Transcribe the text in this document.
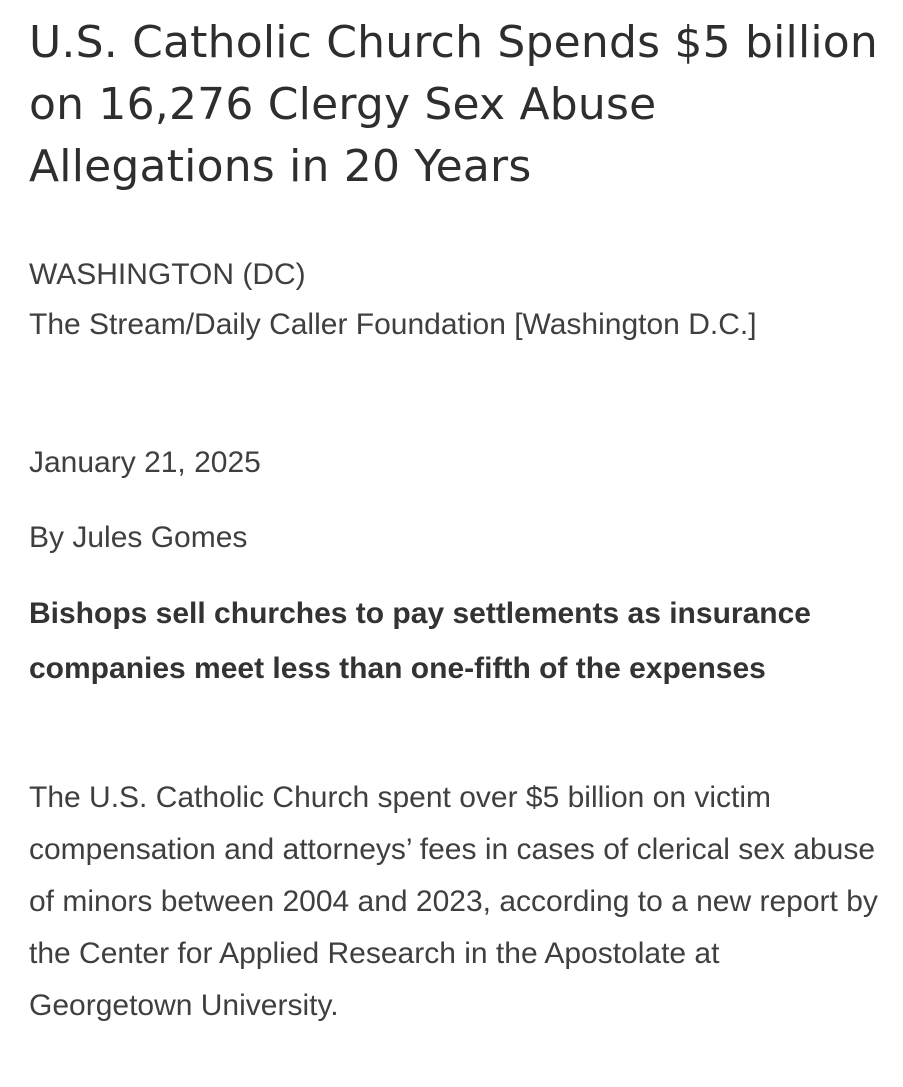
U.S. Catholic Church Spends $5 billion on 16,276 Clergy Sex Abuse Allegations in 20 Years
WASHINGTON (DC)
The Stream/Daily Caller Foundation [Washington D.C.]
January 21, 2025
By Jules Gomes

Bishops sell churches to pay settlements as insurance companies meet less than one-fifth of the expenses

The U.S. Catholic Church spent over $5 billion on victim compensation and attorneys’ fees in cases of clerical sex abuse of minors between 2004 and 2023, according to a new report by the Center for Applied Research in the Apostolate at Georgetown University.
